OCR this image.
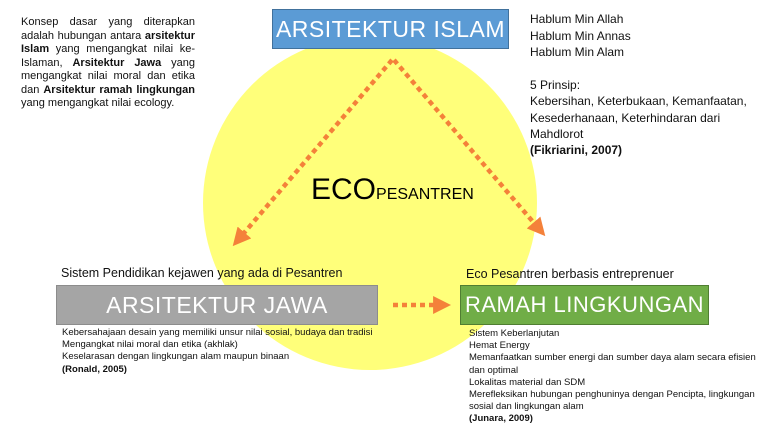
ARSITEKTUR ISLAM
ARSITEKTUR JAWA	RAMAH LINGKUNGAN
ECOPESANTREN
Konsep dasar yang diterapkan adalah hubungan antara arsitektur Islam yang mengangkat nilai ke-Islaman, Arsitektur Jawa yang mengangkat nilai moral dan etika dan Arsitektur ramah lingkungan yang mengangkat nilai ecology.
Hablum Min Allah
Hablum Min Annas
Hablum Min Alam
5 Prinsip:
Kebersihan, Keterbukaan, Kemanfaatan, Kesederhanaan, Keterhindaran dari Mahdlorot
(Fikriarini, 2007)
Sistem Pendidikan kejawen yang ada di Pesantren	Eco Pesantren berbasis entreprenuer
Kebersahajaan desain yang memiliki unsur nilai sosial, budaya dan tradisi
Mengangkat nilai moral dan etika (akhlak)
Keselarasan dengan lingkungan alam maupun binaan
(Ronald, 2005)
Sistem Keberlanjutan
Hemat Energy
Memanfaatkan sumber energi dan sumber daya alam secara efisien dan optimal
Lokalitas material dan SDM
Merefleksikan hubungan penghuninya dengan Pencipta, lingkungan sosial dan lingkungan alam
(Junara, 2009)
